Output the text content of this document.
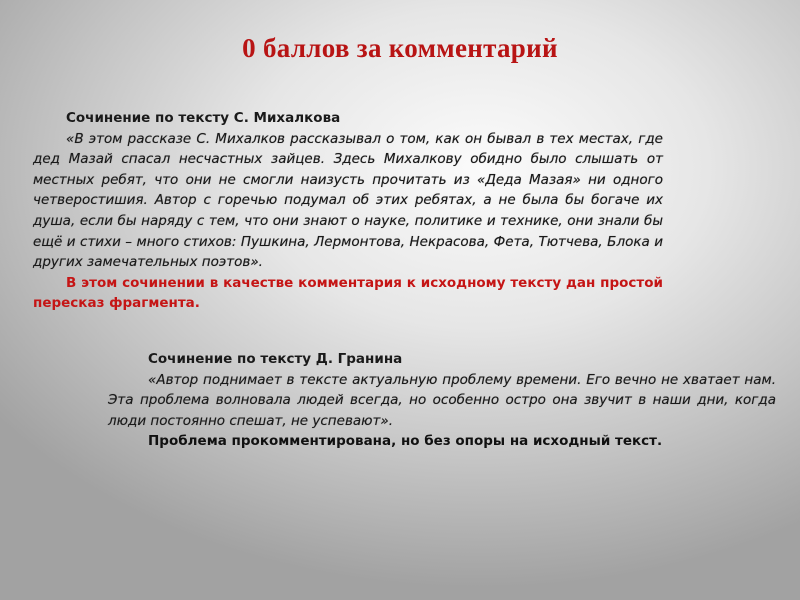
0 баллов за комментарий
Сочинение по тексту С. Михалкова
«В этом рассказе С. Михалков рассказывал о том, как он бывал в тех местах, где дед Мазай спасал несчастных зайцев. Здесь Михалкову обидно было слышать от местных ребят, что они не смогли наизусть прочитать из «Деда Мазая» ни одного четверостишия. Автор с горечью подумал об этих ребятах, а не была бы богаче их душа, если бы наряду с тем, что они знают о науке, политике и технике, они знали бы ещё и стихи – много стихов: Пушкина, Лермонтова, Некрасова, Фета, Тютчева, Блока и других замечательных поэтов».
В этом сочинении в качестве комментария к исходному тексту дан простой пересказ фрагмента.
Сочинение по тексту Д. Гранина
«Автор поднимает в тексте актуальную проблему времени. Его вечно не хватает нам. Эта проблема волновала людей всегда, но особенно остро она звучит в наши дни, когда люди постоянно спешат, не успевают».
Проблема прокомментирована, но без опоры на исходный текст.
